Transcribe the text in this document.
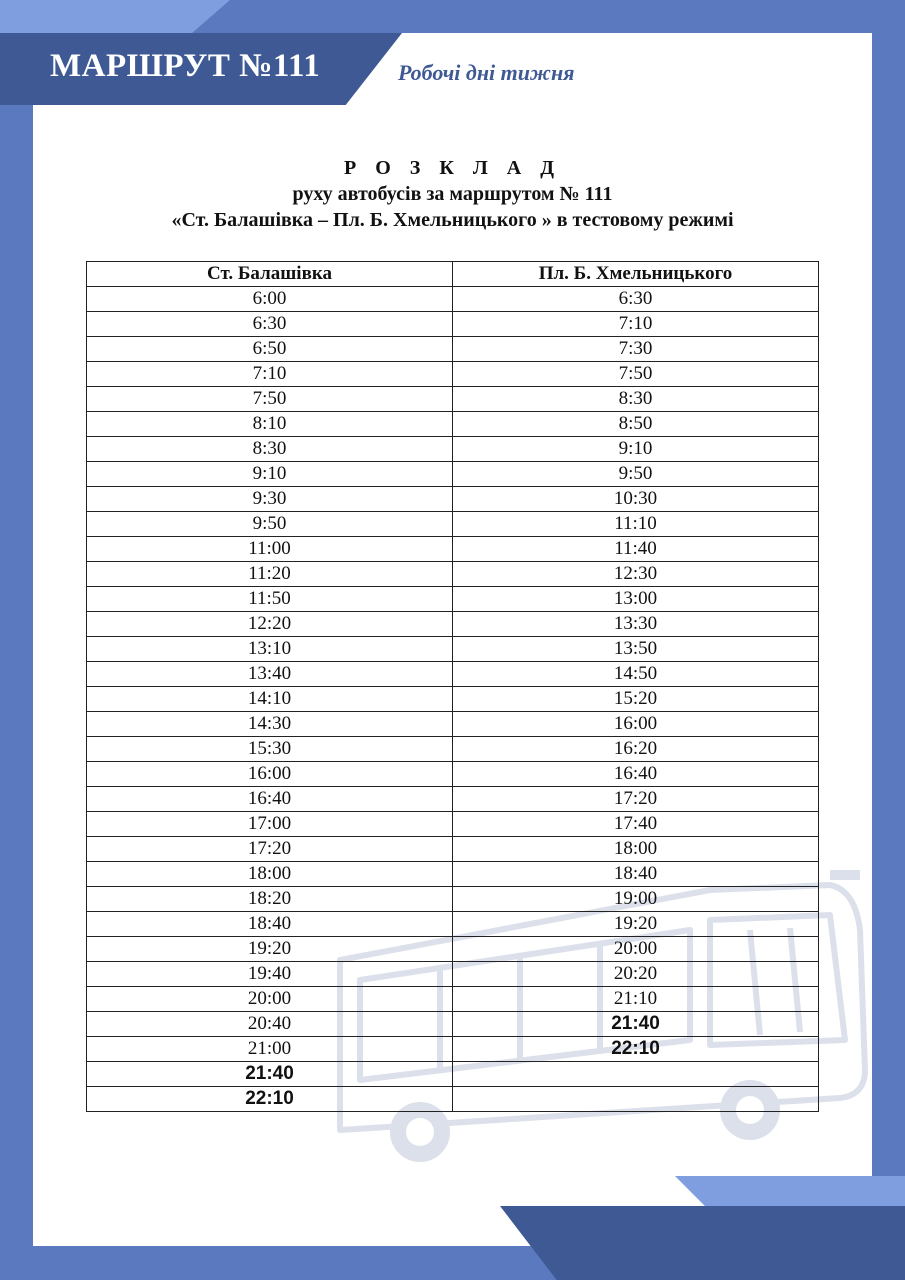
МАРШРУТ №111	Робочі дні тижня
Р О З К Л А Д
руху автобусів за маршрутом № 111
«Ст. Балашівка – Пл. Б. Хмельницького » в тестовому режимі
Ст. Балашівка	Пл. Б. Хмельницького
6:00	6:30
6:30	7:10
6:50	7:30
7:10	7:50
7:50	8:30
8:10	8:50
8:30	9:10
9:10	9:50
9:30	10:30
9:50	11:10
11:00	11:40
11:20	12:30
11:50	13:00
12:20	13:30
13:10	13:50
13:40	14:50
14:10	15:20
14:30	16:00
15:30	16:20
16:00	16:40
16:40	17:20
17:00	17:40
17:20	18:00
18:00	18:40
18:20	19:00
18:40	19:20
19:20	20:00
19:40	20:20
20:00	21:10
20:40	21:40
21:00	22:10
21:40	
22:10	
